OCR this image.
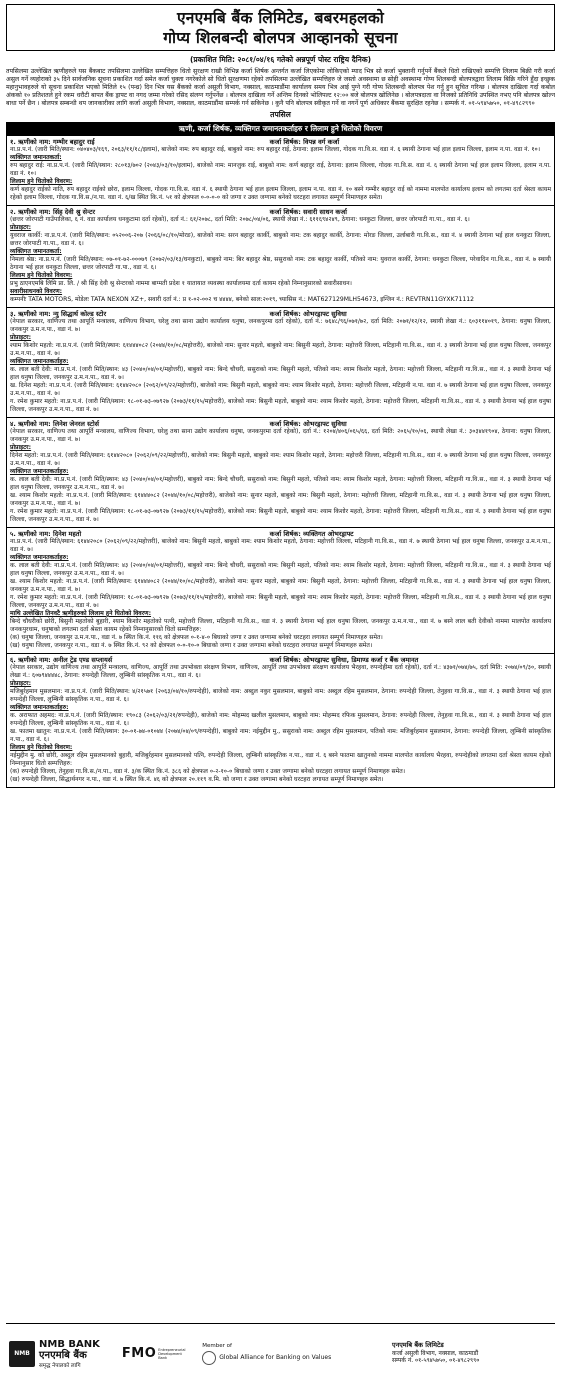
एनएमबि बैंक लिमिटेड, बबरमहलको
गोप्य शिलबन्दी बोलपत्र आव्हानको सूचना
(प्रकाशित मिति: २०८१/०४/१६ गतेको अन्नपूर्ण पोस्ट राष्ट्रिय दैनिक)

तपसिलमा उल्लेखित ऋणीहरुले यस बैंकबाट तपसिलमा उल्लेखित सम्पत्तिहरु धितो सुरक्षण राखी विभिन्न कर्जा शिर्षक अन्तर्गत कर्जा लिएकोमा लोकिएको म्याद भित्र सो कर्जा भुक्तानी गर्नुपर्ने बैंकले धितो राखिएको सम्पत्ति लिलाम बिक्री गरी कर्जा असुल गर्ने व्यहोराको ३५ दिने सार्वजनिक सूचना प्रकाशित गर्दा समेत कर्जा चुक्ता नगरेकोले सो धितो सुरक्षणमा रहेको तपसिलमा उल्लेखित सम्पत्तिहरु जे जस्तो अवस्थामा छ सोही अवस्थामा गोप्य शिलबन्दी बोलपत्रद्वारा लिलाम बिक्रि गरिने हुँदा इच्छुक महानुभावहरुले यो सूचना प्रकाशित भएको मितिले १५ (पन्ध्र) दिन भित्र यस बैंकको कर्जा असुली विभाग, नक्साल, काठमाडौंमा कार्यालय समय भित्र आई पुग्ने गरी गोप्य शिलबन्दी बोलपत्र पेश गर्नु हुन सूचित गरिन्छ । बोलपत्र दाखिला गर्दा कबोल अंकको १० प्रतिशतले हुने रकम धरौटी बापत बैंक ड्राफ्ट वा नगद जम्मा गरेको रसिद संलग्न गर्नुपर्नेछ । बोलपत्र दाखिला गर्ने अन्तिम दिनको भोलिपल्ट १२:०० बजे बोलपत्र खोलिनेछ । बोलपत्रदाता वा निजको प्रतिनिधि उपस्थित नभए पनि बोलपत्र खोल्न बाधा पर्ने छैन । बोलपत्र सम्बन्धी थप जानकारीका लागि कर्जा असुली विभाग, नक्साल, काठमाडौंमा सम्पर्क गर्न सकिनेछ । कुनै पनि बोलपत्र स्वीकृत गर्ने वा नगर्ने पूर्ण अधिकार बैंकमा सुरक्षित रहनेछ । सम्पर्क नं. ०१-५९४५७५०, ०१-४९८२९९०

तपसिल
ऋणी, कर्जा शिर्षक, व्यक्तिगत जमानतकर्ताहरु र लिलाम हुने धितोको विवरण
१. ऋणीको नाम: गम्भीर बहादुर राई	कर्जा शिर्षक: विपन्न वर्ग कर्जा

ना.प्र.प.नं. (जारी मिति/स्थान: ०४०४०३/१६९, २०६३/११/१८/इलाम), बाजेको नाम: रुप बहादुर राई, बाबुको नाम: रुप बहादुर राई, ठेगाना: इलाम जिल्ला, गोदक गा.वि.स. वडा नं. ६ स्थायी ठेगाना भई हाल इलाम जिल्ला, इलाम न.पा. वडा नं. १०।

व्यक्तिगत जमानतकर्ता:

रुप बहादुर राई: ना.प्र.प.नं. (जारी मिति/स्थान: २८०१३/७०२ (२०४३/०३/१०/इलाम), बाजेको नाम: मानजुक राई, बाबुको नाम: कर्ण बहादुर राई, ठेगाना: इलाम जिल्ला, गोदक गा.वि.स. वडा नं. ६ स्थायी ठेगाना भई हाल इलाम जिल्ला, इलाम न.पा. वडा नं. १०।

लिलाम हुने धितोको विवरण:

कर्ण बहादुर राईको नाति, रुप बहादुर राईको छोरा, इलाम जिल्ला, गोदक गा.वि.स. वडा नं. ६ स्थायी ठेगाना भई हाल इलाम जिल्ला, इलाम न.पा. वडा नं. १० बस्ने गम्भीर बहादुर राई को नाममा मालपोत कार्यालय इलाम को लगतमा दर्ता श्रेस्ता कायम रहेको इलाम जिल्ला, गोदक गा.वि.स./न.पा. वडा नं. ६/ख स्थित कि.नं. ५१ को क्षेत्रफल ०-०-०-० को जग्गा र उक्त जग्गामा बनेको घरटहरा लगायत सम्पूर्ण निमाणहरु समेत।

२. ऋणीको नाम: सिंह देवी श्रु सेन्टर	कर्जा शिर्षक: सवारी साधन कर्जा

(छत्तर जोरपाटी गाउँपालिका, ६ नं. वडा कार्यालय धनकुटामा दर्ता रहेको), दर्ता नं.: ६१/२०७८, दर्ता मिति: २०७८/०४/०६, स्थायी लेखा नं.: ६११६९४२४९, ठेगाना: धनकुटा जिल्ला, छत्तर जोरपाटी गा.पा., वडा नं. ६।

प्रोप्राइटर:

युवराज कार्की: ना.प्र.प.नं. (जारी मिति/स्थान: ०५२००६-२०७ (२०६६/०८/१०/मोरङ), बाजेको नाम: सरन बहादुर कार्की, बाबुको नाम: टक बहादुर कार्की, ठेगाना: मोरङ जिल्ला, उर्लाबारी गा.वि.स., वडा नं. ४ स्थायी ठेगाना भई हाल धनकुटा जिल्ला, छत्तर जोरपाटी गा.पा., वडा नं. ६।

व्यक्तिगत जमानतकर्ता:

निमला श्रेष्ठ: ना.प्र.प.नं. (जारी मिति/स्थान: ०७-०१-७२-०००७९ (२०७२/०३/१३/धनकुटा), बाबुको नाम: बिर बहादुर श्रेष्ठ, ससुराको नाम: टक बहादुर कार्की, पतिको नाम: युवराज कार्की, ठेगाना: धनकुटा जिल्ला, परेवादिन गा.वि.स., वडा नं. ७ स्थायी ठेगाना भई हाल धनकुटा जिल्ला, छत्तर जोरपाटी गा.पा., वडा नं. ६।

लिलाम हुने धितोको विवरण:

प्रभु ठाएनएमबि लिमि प्रा. लि. / श्री सिंह देवी श्रु सेन्टरको नाममा बाग्मती प्रदेश १ यातायात व्यवस्था कार्यालयमा दर्ता कायम रहेको निम्नानुसारको सवारीसाधन।

सवारीसाधनको विवरण:

कम्पनीः TATA MOTORS, मोडेलः TATA NEXON XZ+, सवारी दर्ता नं.: प्र १-०२-००२ च ४४४४, बनेको साल:२०१९, च्यासिस नं.: MAT627129MLH54673, इन्जिन नं.: REVTRN11GYXK71112

३. ऋणीको नाम: न्यु सिद्धार्थ कोल्ड स्टोर	कर्जा शिर्षक: ओभरड्राफ्ट सुविधा

(नेपाल सरकार, वाणिज्य तथा आपूर्ति मन्त्रालय, वाणिज्य विभाग, घरेलु तथा साना उद्योग कार्यालय धनुषा, जनकपुरमा दर्ता रहेको), दर्ता नं.: ७६४८/९६/०७१/७२, दर्ता मिति: २०७१/१२/१२, स्थायी लेखा नं.: ६०३११४०१९, ठेगाना: धनुषा जिल्ला, जनकपुर उ.म.न.पा., वडा नं. ७।

प्रोप्राइटर:

श्याम किशोर महतो: ना.प्र.प.नं. (जारी मिति/स्थान: ६१४४४०८२ (२०४४/१०/०८/महोत्तरी), बाजेको नाम: सुनार महतो, बाबुको नाम: बिसुनी महतो, ठेगाना: महोत्तरी जिल्ला, मटिहानी गा.वि.स., वडा नं. ३ स्थायी ठेगाना भई हाल धनुषा जिल्ला, जनकपुर उ.म.न.पा., वडा नं. ७।

व्यक्तिगत जमानतकर्ताहरु:

क. लाल बती देवी: ना.प्र.प.नं. (जारी मिति/स्थान: ४३ (२०४०/०४/०१/महोत्तरी), बाबुको नाम: बिन्दे चौधरी, ससुराको नाम: बिसुनी महतो, पतिको नाम: श्याम किशोर महतो, ठेगाना: महोत्तरी जिल्ला, मटिहानी गा.वि.स., वडा नं. ३ स्थायी ठेगाना भई हाल धनुषा जिल्ला, जनकपुर उ.म.न.पा., वडा नं. ७।

ख. दिनेश महतो: ना.प्र.प.नं. (जारी मिति/स्थान: ६१४४२०८० (२०६२/०९/२२/महोत्तरी), बाजेको नाम: बिसुनी महतो, बाबुको नाम: श्याम किशोर महतो, ठेगाना: महोत्तरी जिल्ला, मटिहानी न.पा. वडा नं. ७ स्थायी ठेगाना भई हाल धनुषा जिल्ला, जनकपुर उ.म.न.पा., वडा नं. ७।

ग. रमेश कुमार महतो: ना.प्र.प.नं. (जारी मिति/स्थान: १८-०१-७३-०७९२७ (२०७३/११/१५/महोत्तरी), बाजेको नाम: बिसुनी महतो, बाबुको नाम: श्याम किशोर महतो, ठेगाना: महोत्तरी जिल्ला, मटिहानी गा.वि.स., वडा नं. ३ स्थायी ठेगाना भई हाल धनुषा जिल्ला, जनकपुर उ.म.न.पा., वडा नं. ७।

४. ऋणीको नाम: लिनेश जेनरल स्टोर्स	कर्जा शिर्षक: ओभरड्राफ्ट सुविधा

(नेपाल सरकार, वाणिज्य तथा आपूर्ति मन्त्रालय, वाणिज्य विभाग, घरेलु तथा साना उद्योग कार्यालय धनुषा, जनकपुरमा दर्ता रहेको), दर्ता नं.: १२०४/४०६/०६५/६६, दर्ता मिति: २०६५/१०/०६, स्थायी लेखा नं.: ३०३४४१९०४, ठेगाना: धनुषा जिल्ला, जनकपुर उ.म.न.पा., वडा नं. ७।

प्रोप्राइटर:

दिनेश महतो: ना.प्र.प.नं. (जारी मिति/स्थान: ६१४४२०८० (२०६२/०९/२२/महोत्तरी), बाजेको नाम: बिसुनी महतो, बाबुको नाम: श्याम किशोर महतो, ठेगाना: महोत्तरी जिल्ला, मटिहानी गा.वि.स., वडा नं. ७ स्थायी ठेगाना भई हाल धनुषा जिल्ला, जनकपुर उ.म.न.पा., वडा नं. ७।

व्यक्तिगत जमानतकर्ताहरु:

क. लाल बती देवी: ना.प्र.प.नं. (जारी मिति/स्थान: ४३ (२०४०/०४/०१/महोत्तरी), बाबुको नाम: बिन्दे चौधरी, ससुराको नाम: बिसुनी महतो, पतिको नाम: श्याम किशोर महतो, ठेगाना: महोत्तरी जिल्ला, मटिहानी गा.वि.स., वडा नं. ३ स्थायी ठेगाना भई हाल धनुषा जिल्ला, जनकपुर उ.म.न.पा., वडा नं. ७।

ख. श्याम किशोर महतो: ना.प्र.प.नं. (जारी मिति/स्थान: ६१४४४०८२ (२०४४/१०/०८/महोत्तरी), बाजेको नाम: सुनार महतो, बाबुको नाम: बिसुनी महतो, ठेगाना: महोत्तरी जिल्ला, मटिहानी गा.वि.स., वडा नं. ३ स्थायी ठेगाना भई हाल धनुषा जिल्ला, जनकपुर उ.म.न.पा., वडा नं. ७।

ग. रमेश कुमार महतो: ना.प्र.प.नं. (जारी मिति/स्थान: १८-०१-७३-०७९२७ (२०७३/११/१५/महोत्तरी), बाजेको नाम: बिसुनी महतो, बाबुको नाम: श्याम किशोर महतो, ठेगाना: महोत्तरी जिल्ला, मटिहानी गा.वि.स., वडा नं. ३ स्थायी ठेगाना भई हाल धनुषा जिल्ला, जनकपुर उ.म.न.पा., वडा नं. ७।

५. ऋणीको नाम: दिनेश महतो	कर्जा शिर्षक: व्यक्तिगत ओभरड्राफ्ट

ना.प्र.प.नं. (जारी मिति/स्थान: ६१४४२०८० (२०६२/०९/२२/महोत्तरी), बाजेको नाम: बिसुनी महतो, बाबुको नाम: श्याम किशोर महतो, ठेगाना: महोत्तरी जिल्ला, मटिहानी गा.वि.स., वडा नं. ७ स्थायी ठेगाना भई हाल धनुषा जिल्ला, जनकपुर उ.म.न.पा., वडा नं. ७।

व्यक्तिगत जमानतकर्ताहरु:

क. लाल बती देवी: ना.प्र.प.नं. (जारी मिति/स्थान: ४३ (२०४०/०४/०१/महोत्तरी), बाबुको नाम: बिन्दे चौधरी, ससुराको नाम: बिसुनी महतो, पतिको नाम: श्याम किशोर महतो, ठेगाना: महोत्तरी जिल्ला, मटिहानी गा.वि.स., वडा नं. ३ स्थायी ठेगाना भई हाल धनुषा जिल्ला, जनकपुर उ.म.न.पा., वडा नं. ७।

ख. श्याम किशोर महतो: ना.प्र.प.नं. (जारी मिति/स्थान: ६१४४४०८२ (२०४४/१०/०८/महोत्तरी), बाजेको नाम: सुनार महतो, बाबुको नाम: बिसुनी महतो, ठेगाना: महोत्तरी जिल्ला, मटिहानी गा.वि.स., वडा नं. ३ स्थायी ठेगाना भई हाल धनुषा जिल्ला, जनकपुर उ.म.न.पा., वडा नं. ७।

ग. रमेश कुमार महतो: ना.प्र.प.नं. (जारी मिति/स्थान: १८-०१-७३-०७९२७ (२०७३/११/१५/महोत्तरी), बाजेको नाम: बिसुनी महतो, बाबुको नाम: श्याम किशोर महतो, ठेगाना: महोत्तरी जिल्ला, मटिहानी गा.वि.स., वडा नं. ३ स्थायी ठेगाना भई हाल धनुषा जिल्ला, जनकपुर उ.म.न.पा., वडा नं. ७।

माथि उल्लेखित तिनवटै ऋणीहरुको लिलाम हुने धितोको विवरण:

बिन्दे चौधरीको छोरी, बिसुनी महतोको बुहारी, श्याम किशोर महतोको पत्नी, महोत्तरी जिल्ला, मटिहानी गा.वि.स., वडा नं. ३ स्थायी ठेगाना भई हाल धनुषा जिल्ला, जनकपुर उ.म.न.पा., वडा नं. ७ बस्ने लाल बती देवीको नाममा मालपोत कार्यालय जनकपुरधाम, धनुषाको लगतमा दर्ता श्रेस्ता कायम रहेको निम्नानुसारको धितो सम्पत्तिहरु:

(क) धनुषा जिल्ला, जनकपुर उ.म.न.पा., वडा नं. ७ स्थित कि.नं. ११६ को क्षेत्रफल ०-१-४-० बिघाको जग्गा र उक्त जग्गामा बनेको घरटहरा लगायत सम्पूर्ण निमाणहरु समेत।

(ख) धनुषा जिल्ला, जनकपुर न.पा., वडा नं. ७ स्थित कि.नं. ९२ को क्षेत्रफल ०-०-१०-० बिघाको जग्गा र उक्त जग्गामा बनेको घरटहरा लगायत सम्पूर्ण निमाणहरु समेत।

६. ऋणीको नाम: अनील ट्रेड एण्ड सप्लायर्स	कर्जा शिर्षक: ओभरड्राफ्ट सुविधा, डिमाण्ड कर्जा र बैंक जमानत

(नेपाल सरकार, उद्योग वाणिज्य तथा आपूर्ति मन्त्रालय, वाणिज्य, आपूर्ति तथा उपभोक्ता संरक्षण विभाग, वाणिज्य, आपूर्ति तथा उपभोक्ता संरक्षण कार्यालय भैरहवा, रुपन्देहीमा दर्ता रहेको), दर्ता नं.: ४३७१/०७४/७५, दर्ता मिति: २०७४/०९/३०, स्थायी लेखा नं.: ६०७९४४४४८, ठेगाना: रुपन्देही जिल्ला, लुम्बिनी सांस्कृतिक न.पा., वडा नं. ६।

प्रोप्राइटर:

मजिबुर्रहमान मुसलमान: ना.प्र.प.नं. (जारी मिति/स्थान: ४/२१५७१ (२०६३/०४/१०/रुपन्देही), बाजेको नाम: अब्दुल नकुर मुसलमान, बाबुको नाम: अब्दुल रहिम मुसलमान, ठेगाना: रुपन्देही जिल्ला, तेनुहवा गा.वि.स., वडा नं. ३ स्थायी ठेगाना भई हाल रुपन्देही जिल्ला, लुम्बिनी सांस्कृतिक न.पा., वडा नं. ६।

व्यक्तिगत जमानतकर्ताहरु:

क. अराफात अहमद: ना.प्र.प.नं. (जारी मिति/स्थान: १९०८३ (२०६२/०३/२१/रुपन्देही), बाजेको नाम: मोहम्मद खलील मुसलमान, बाबुको नाम: मोहम्मद रफिक मुसलमान, ठेगाना: रुपन्देही जिल्ला, तेनुहवा गा.वि.स., वडा नं. ३ स्थायी ठेगाना भई हाल रुपन्देही जिल्ला, लुम्बिनी सांस्कृतिक न.पा., वडा नं. ६।

ख. फातमा खातुन: ना.प्र.प.नं. (जारी मिति/स्थान: ३०-०१-७४-०१०४४ (२०७४/०४/०९/रुपन्देही), बाबुको नाम: नईमुद्दीन मु., ससुराको नाम: अब्दुल रहिम मुसलमान, पतिको नाम: मजिबुर्रहमान मुसलमान, ठेगाना: रुपन्देही जिल्ला, लुम्बिनी सांस्कृतिक न.पा., वडा नं. ६।

लिलाम हुने धितोको विवरण:

नईमुद्दीन मु. को छोरी, अब्दुल रहिम मुसलमानको बुहारी, मजिबुर्रहमान मुसलमानको पत्नि, रुपन्देही जिल्ला, लुम्बिनी सांस्कृतिक न.पा., वडा नं. ६ बस्ने फातमा खातुनको नाममा मालपोत कार्यालय भैरहवा, रुपन्देहीको लगतमा दर्ता श्रेस्ता कायम रहेको निम्नानुसार धितो सम्पत्तिहरु:

(क) रुपन्देही जिल्ला, तेनुहवा गा.वि.स./न.पा., वडा नं. ३/क स्थित कि.नं. ३८६ को क्षेत्रफल ०-२-१०-० बिघाको जग्गा र उक्त जग्गामा बनेको घरटहरा लगायत सम्पूर्ण निमाणहरु समेत।

(ख) रुपन्देही जिल्ला, सिद्धार्थनगर न.पा., वडा नं. ७ स्थित कि.नं. ४६ को क्षेत्रफल २०.११९ व.मि. को जग्गा र उक्त जग्गामा बनेको घरटहरा लगायत सम्पूर्ण निमाणहरु समेत।

NMB
NMB BANK
एनएमबि बैंक
समृद्ध नेपालको लागि
FMO Entrepreneurial Development Bank
Member of
Global Alliance for Banking on Values
एनएमबि बैंक लिमिटेड
कर्जा असुली विभाग, नक्साल, काठमाडौं
सम्पर्क नं. ०१-५९४५७५०, ०१-४९८२९९०
